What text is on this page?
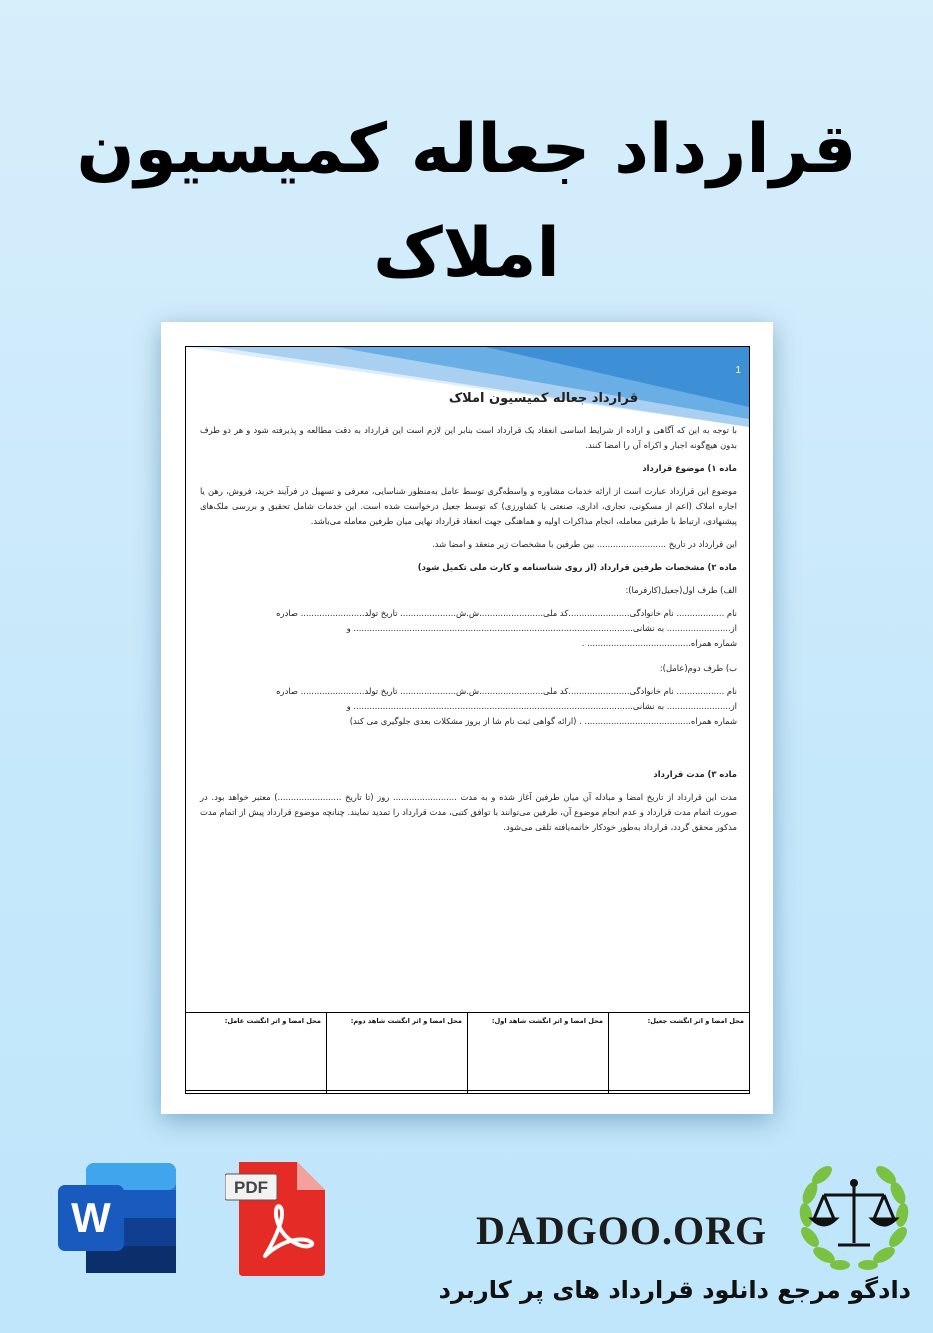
قرارداد جعاله کمیسیون
املاک
1
قرارداد جعاله کمیسیون املاک
با توجه به این که آگاهی و اراده از شرایط اساسی انعقاد یک قرارداد است بنابر این لازم است این قرارداد به دقت مطالعه و پذیرفته شود و هر دو طرف بدون هیچ‌گونه اجبار و اکراه آن را امضا کنند.
ماده ۱) موضوع قرارداد
موضوع این قرارداد عبارت است از ارائه خدمات مشاوره و واسطه‌گری توسط عامل به‌منظور شناسایی، معرفی و تسهیل در فرآیند خرید، فروش، رهن یا اجاره املاک (اعم از مسکونی، تجاری، اداری، صنعتی یا کشاورزی) که توسط جعیل درخواست شده است. این خدمات شامل تحقیق و بررسی ملک‌های پیشنهادی، ارتباط با طرفین معامله، انجام مذاکرات اولیه و هماهنگی جهت انعقاد قرارداد نهایی میان طرفین معامله می‌باشد.
این قرارداد در تاریخ .......................... بین طرفین با مشخصات زیر منعقد و امضا شد.
ماده ۲) مشخصات طرفین قرارداد (از روی شناسنامه و کارت ملی تکمیل شود)
الف) طرف اول(جعیل(کارفرما):
نام .................. نام خانوادگی.......................کد ملی........................ش.ش..................... تاریخ تولد........................ صادره
از........................ به نشانی......................................................................................................... و
شماره همراه....................................... .
ب) طرف دوم(عامل):
نام .................. نام خانوادگی.......................کد ملی........................ش.ش..................... تاریخ تولد........................ صادره
از........................ به نشانی......................................................................................................... و
شماره همراه........................................ . (ارائه گواهی ثبت نام شا از بروز مشکلات بعدی جلوگیری می کند)
ماده ۳) مدت قرارداد
مدت این قرارداد از تاریخ امضا و مبادله آن میان طرفین آغاز شده و به مدت ........................ روز (تا تاریخ ........................) معتبر خواهد بود. در صورت اتمام مدت قرارداد و عدم انجام موضوع آن، طرفین می‌توانند با توافق کتبی، مدت قرارداد را تمدید نمایند. چنانچه موضوع قرارداد پیش از اتمام مدت مذکور محقق گردد، قرارداد به‌طور خودکار خاتمه‌یافته تلقی می‌شود.
محل امضا و اثر انگشت جعیل:
محل امضا و اثر انگشت شاهد اول:
محل امضا و اثر انگشت شاهد دوم:
محل امضا و اثر انگشت عامل:
W
PDF
DADGOO.ORG
دادگو مرجع دانلود قرارداد های پر کاربرد
